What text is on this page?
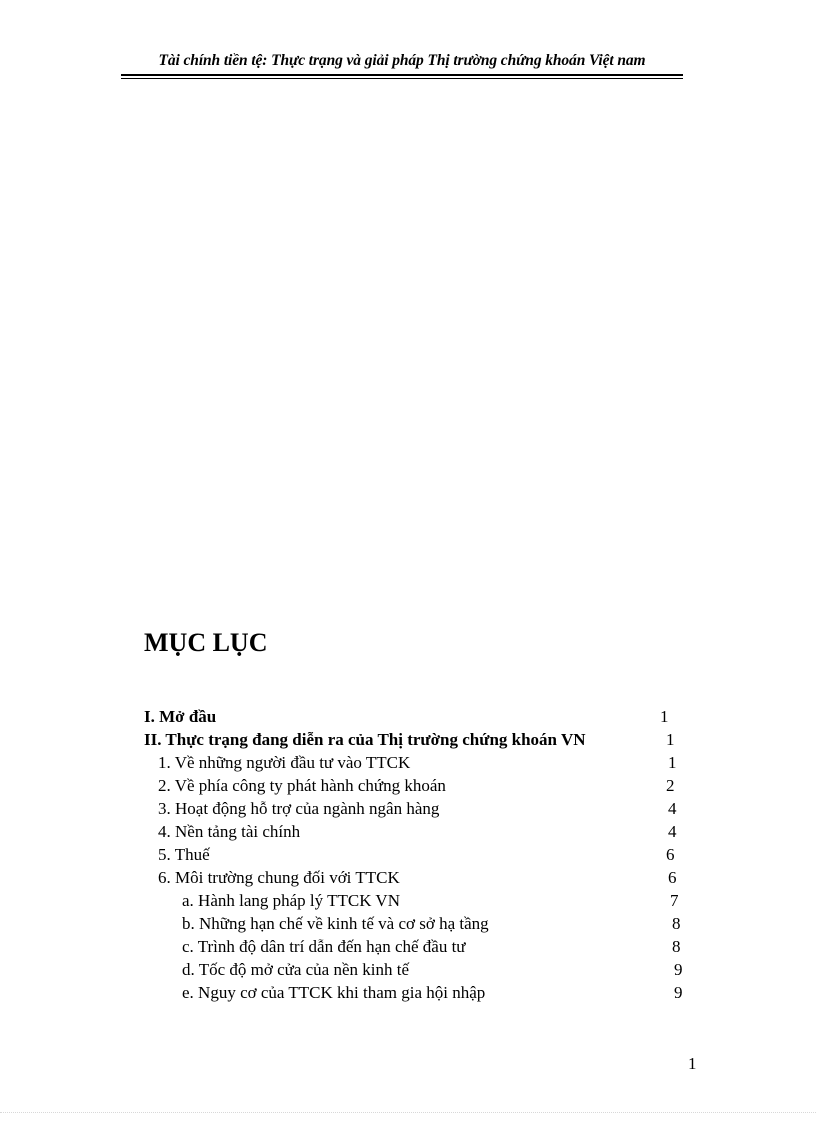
Tài chính tiền tệ: Thực trạng và giải pháp Thị trường chứng khoán Việt nam
MỤC LỤC
I. Mở đầu	1
II. Thực trạng đang diễn ra của Thị trường chứng khoán VN	1
1. Về những người đầu tư vào TTCK	1
2. Về phía công ty phát hành chứng khoán	2
3. Hoạt động hỗ trợ của ngành ngân hàng	4
4. Nền tảng tài chính	4
5. Thuế	6
6. Môi trường chung đối với TTCK	6
a. Hành lang pháp lý TTCK VN	7
b. Những hạn chế về kinh tế và cơ sở hạ tầng	8
c. Trình độ dân trí dẫn đến hạn chế đầu tư	8
d. Tốc độ mở cửa của nền kinh tế	9
e. Nguy cơ của TTCK khi tham gia hội nhập	9
1
